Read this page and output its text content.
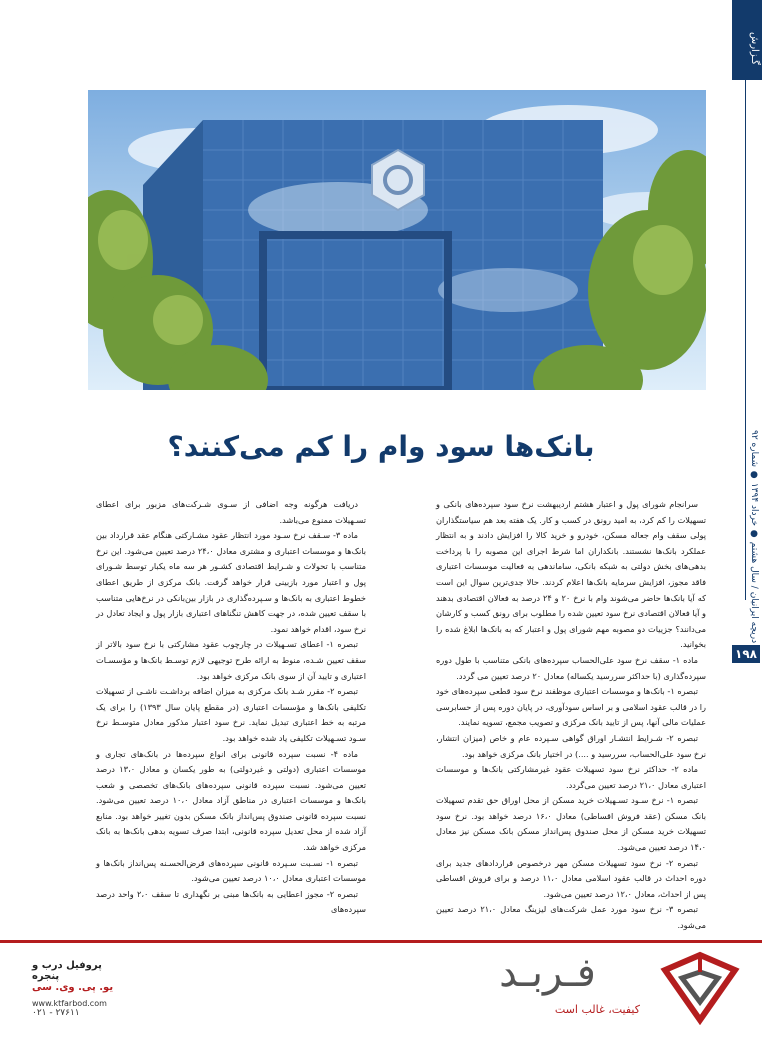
گـزارش
دریچه ایرانیان / سال هشتم ● خرداد ۱۳۹۴ ● شماره ۹۲
۱۹۸
بانک‌ها سود وام را کم می‌کنند؟

سرانجام شورای پول و اعتبار هشتم اردیبهشت نرخ سود سپرده‌های بانکی و تسهیلات را کم کرد، به امید رونق در کسب و کار. یک هفته بعد هم سیاستگذاران پولی سقف وام جعاله مسکن، خودرو و خرید کالا را افزایش دادند و به انتظار عملکرد بانک‌ها نشستند. بانکداران اما شرط اجرای این مصوبه را با پرداخت بدهی‌های بخش دولتی به شبکه بانکی، ساماندهی به فعالیت موسسات اعتباری فاقد مجوز، افزایش سرمایه بانک‌ها اعلام کردند. حالا جدی‌ترین سوال این است که آیا بانک‌ها حاضر می‌شوند وام با نرخ ۲۰ و ۲۴ درصد به فعالان اقتصادی بدهند و آیا فعالان اقتصادی نرخ سود تعیین شده را مطلوب برای رونق کسب و کارشان می‌دانند؟ جزییات دو مصوبه مهم شورای پول و اعتبار که به بانک‌ها ابلاغ شده را بخوانید.

ماده ۱- سقف نرخ سود علی‌الحساب سپرده‌های بانکی متناسب با طول دوره سپرده‌گذاری (با حداکثر سررسید یکساله) معادل ۲۰ درصد تعیین می گردد.

تبصره ۱- بانک‌ها و موسسات اعتباری موظفند نرخ سود قطعی سپرده‌های خود را در قالب عقود اسلامی و بر اساس سودآوری، در پایان دوره پس از حسابرسی عملیات مالی آنها، پس از تایید بانک مرکزی و تصویب مجمع، تسویه نمایند.

تبصره ۲- شـرایط انتشـار اوراق گواهی سـپرده عام و خاص (میزان انتشار، نرخ سود علی‌الحساب، سررسید و ....) در اختیار بانک مرکزی خواهد بود.

ماده ۲- حداکثر نرخ سود تسهیلات عقود غیرمشارکتی بانک‌ها و موسسات اعتباری معادل ۲۱،۰ درصد تعیین می‌گردد.

تبصره ۱- نرخ سـود تسـهیلات خرید مسکن از محل اوراق حق تقدم تسهیلات بانک مسکن (عقد فروش اقساطی) معادل ۱۶،۰ درصد خواهد بود. نرخ سود تسهیلات خرید مسکن از محل صندوق پس‌انداز مسکن بانک مسکن نیز معادل ۱۴،۰ درصد تعیین می‌شود.

تبصره ۲- نرخ سود تسهیلات مسکن مهر درخصوص قراردادهای جدید برای دوره احداث در قالب عقود اسلامی معادل ۱۱،۰ درصد و برای فروش اقساطی پس از احداث، معادل ۱۲،۰ درصد تعیین می‌شود.

تبصره ۳- نرخ سود مورد عمل شرکت‌های لیزینگ معادل ۲۱،۰ درصد تعیین می‌شود.

دریافت هرگونه وجه اضافی از سـوی شـرکت‌های مزبور برای اعطای تسـهیلات ممنوع می‌باشد.

ماده ۳- سـقف نرخ سـود مورد انتظار عقود مشـارکتی هنگام عقد قرارداد بین بانک‌ها و موسسات اعتباری و مشتری معادل ۲۴،۰ درصد تعیین می‌شود. این نرخ متناسب با تحولات و شـرایط اقتصادی کشـور هر سه ماه یکبار توسط شـورای پول و اعتبار مورد بازبینی قرار خواهد گرفت. بانک مرکزی از طریق اعطای خطوط اعتباری به بانک‌ها و سـپرده‌گذاری در بازار بین‌بانکی در نرخ‌هایی متناسب با سقف تعیین شده، در جهت کاهش تنگناهای اعتباری بازار پول و ایجاد تعادل در نرخ سود، اقدام خواهد نمود.

تبصره ۱- اعطای تسـهیلات در چارچوب عقود مشارکتی با نرخ سود بالاتر از سقف تعیین شـده، منوط به ارائه طرح توجیهی لازم توسـط بانک‌ها و مؤسسـات اعتباری و تایید آن از سوی بانک مرکزی خواهد بود.

تبصره ۲- مقرر شـد بانک مرکزی به میزان اضافه برداشـت ناشـی از تسهیلات تکلیفی بانک‌ها و مؤسسات اعتباری (در مقطع پایان سال ۱۳۹۳) را برای یک مرتبه به خط اعتباری تبدیل نماید. نرخ سود اعتبار مذکور معادل متوسـط نرخ سـود تسـهیلات تکلیفی یاد شده خواهد بود.

ماده ۴- نسبت سپرده قانونی برای انواع سپرده‌ها در بانک‌های تجاری و موسسات اعتباری (دولتی و غیردولتی) به طور یکسان و معادل ۱۳،۰ درصد تعیین می‌شود. نسبت سپرده قانونی سپرده‌های بانک‌های تخصصی و شعب بانک‌ها و موسسات اعتباری در مناطق آزاد معادل ۱۰،۰ درصد تعیین می‌شود. نسبت سپرده قانونی صندوق پس‌انداز بانک مسکن بدون تغییر خواهد بود. منابع آزاد شده از محل تعدیل سپرده قانونی، ابتدا صرف تسویه بدهی بانک‌ها به بانک مرکزی خواهد شد.

تبصره ۱- نسـبت سـپرده قانونی سپرده‌های قرض‌الحسـنه پس‌انداز بانک‌ها و موسسات اعتباری معادل ۱۰،۰ درصد تعیین می‌شود.

تبصره ۲- مجوز اعطایی به بانک‌ها مبنی بر نگهداری تا سقف ۲،۰ واحد درصد سپرده‌های

پروفیل درب و پنجره
یو. پی. وی. سی
www.ktfarbod.com
۰۲۱ - ۲۷۶۱۱
فـربـد
کیفیت، غالب است
